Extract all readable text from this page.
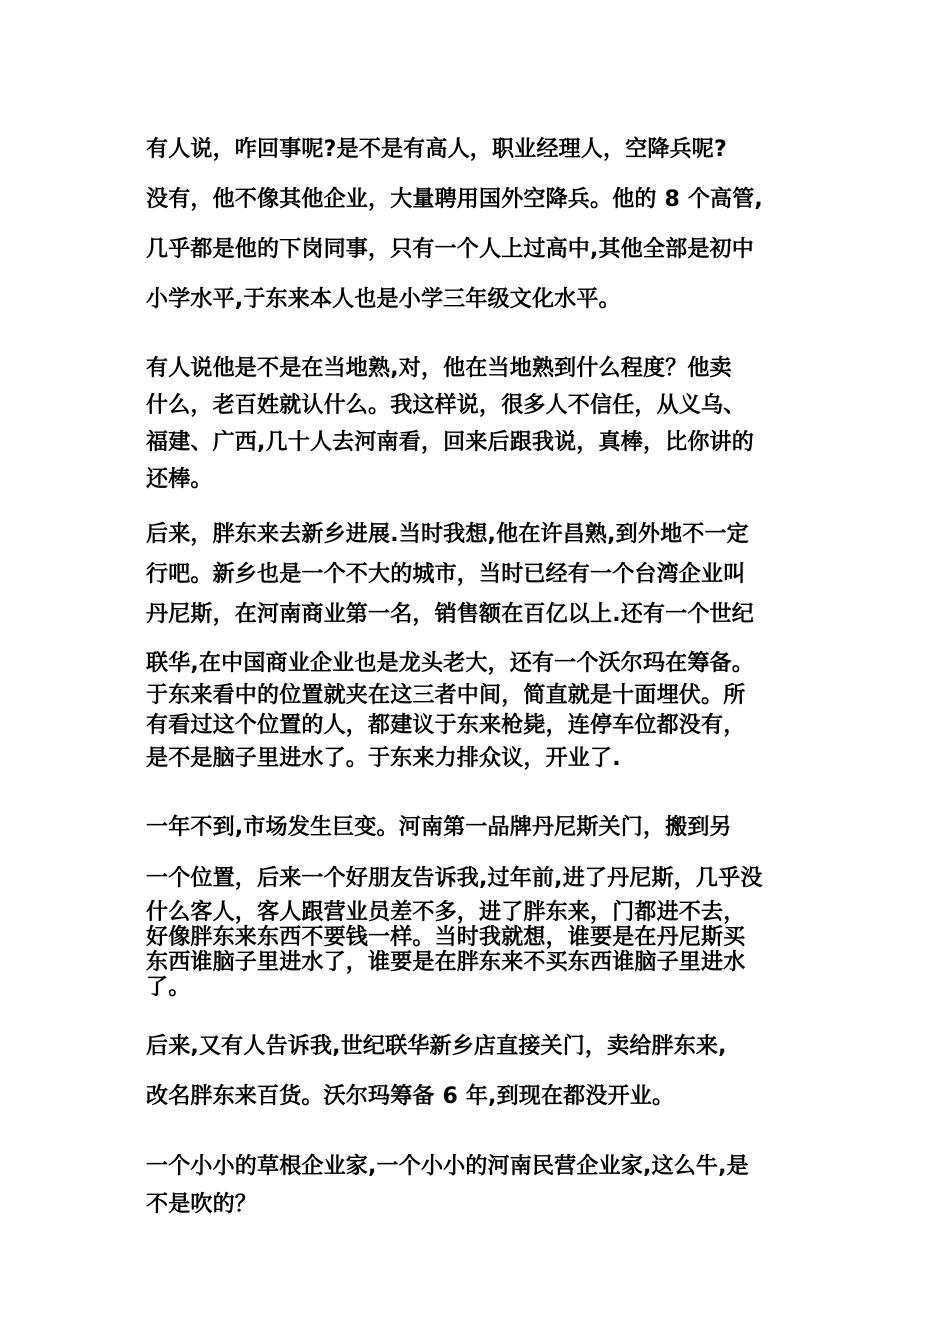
有人说，咋回事呢?是不是有高人，职业经理人，空降兵呢?
没有，他不像其他企业，大量聘用国外空降兵。他的 8 个高管,
几乎都是他的下岗同事，只有一个人上过高中,其他全部是初中
小学水平,于东来本人也是小学三年级文化水平。
有人说他是不是在当地熟,对，他在当地熟到什么程度？他卖
什么，老百姓就认什么。我这样说，很多人不信任，从义乌、
福建、广西,几十人去河南看，回来后跟我说，真棒，比你讲的
还棒。
后来，胖东来去新乡进展.当时我想,他在许昌熟,到外地不一定
行吧。新乡也是一个不大的城市，当时已经有一个台湾企业叫
丹尼斯，在河南商业第一名，销售额在百亿以上.还有一个世纪
联华,在中国商业企业也是龙头老大，还有一个沃尔玛在筹备。
于东来看中的位置就夹在这三者中间，简直就是十面埋伏。所
有看过这个位置的人，都建议于东来枪毙，连停车位都没有，
是不是脑子里进水了。于东来力排众议，开业了.
一年不到,市场发生巨变。河南第一品牌丹尼斯关门，搬到另
一个位置，后来一个好朋友告诉我,过年前,进了丹尼斯，几乎没
什么客人，客人跟营业员差不多，进了胖东来，门都进不去，
好像胖东来东西不要钱一样。当时我就想，谁要是在丹尼斯买
东西谁脑子里进水了，谁要是在胖东来不买东西谁脑子里进水
了。
后来,又有人告诉我,世纪联华新乡店直接关门，卖给胖东来,
改名胖东来百货。沃尔玛筹备 6 年,到现在都没开业。
一个小小的草根企业家,一个小小的河南民营企业家,这么牛,是
不是吹的？
